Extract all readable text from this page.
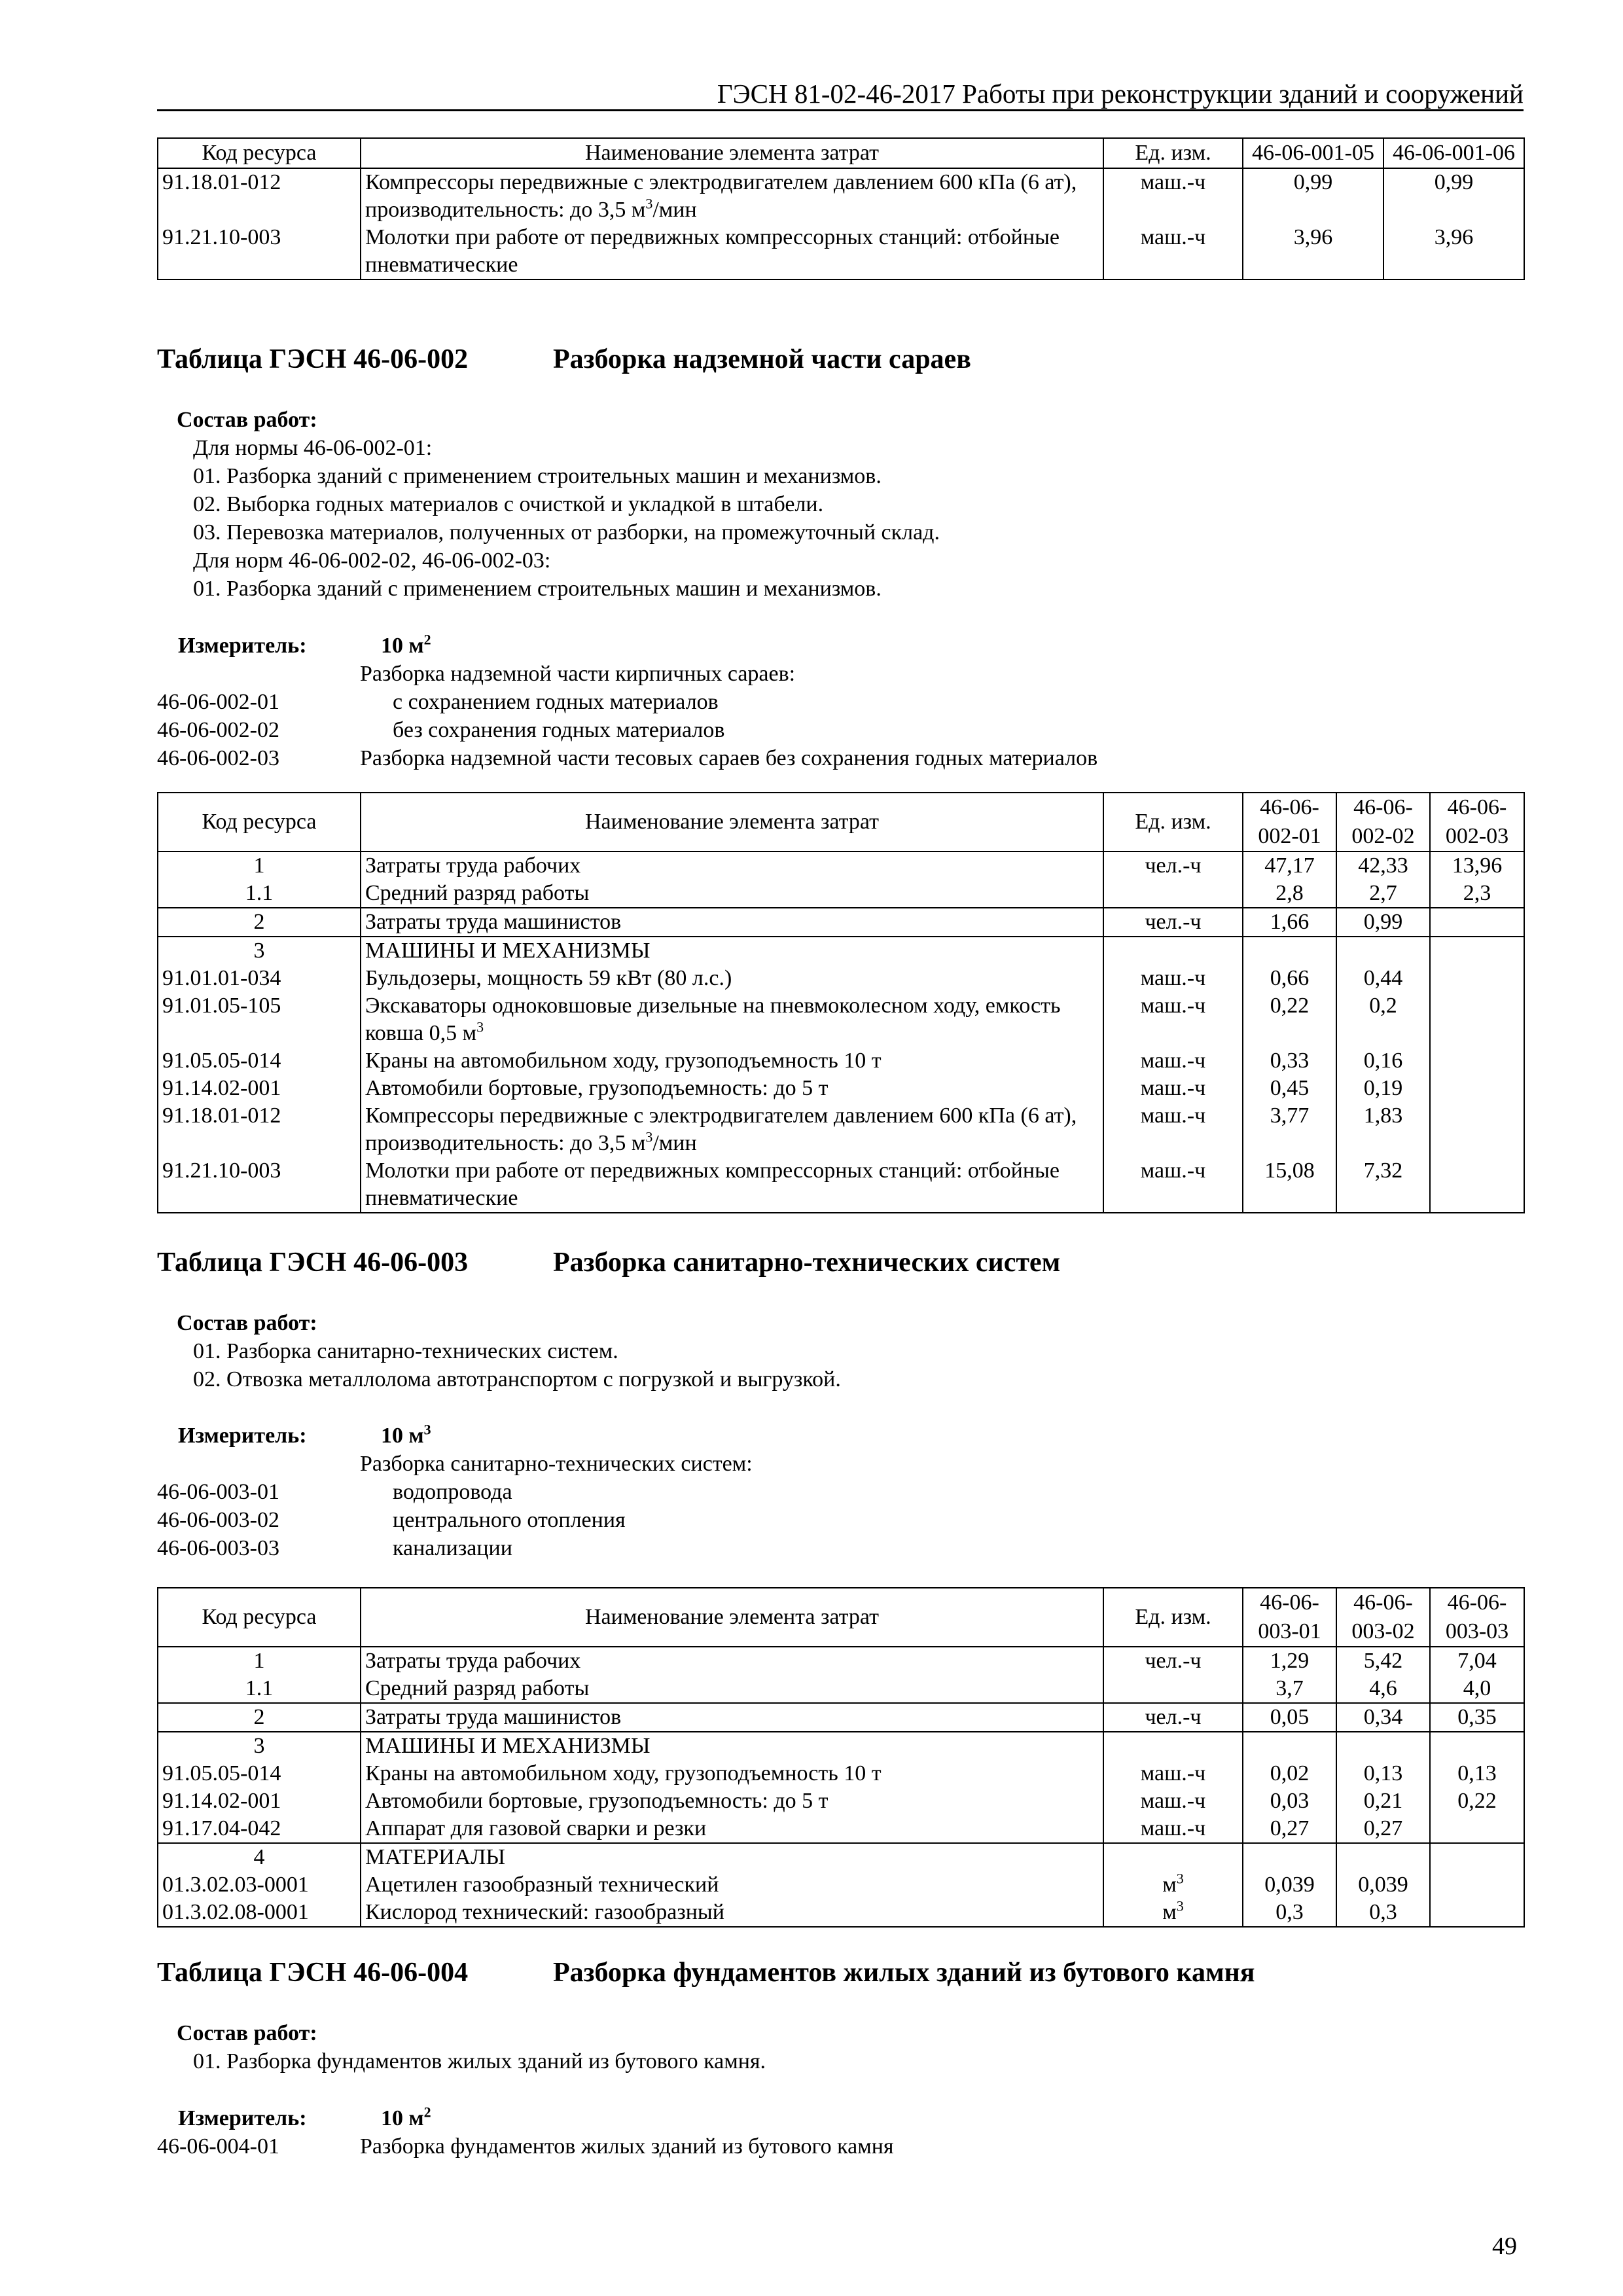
ГЭСН 81-02-46-2017 Работы при реконструкции зданий и сооружений
Код ресурса	Наименование элемента затрат	Ед. изм.	46-06-001-05	46-06-001-06
91.18.01-012	Компрессоры передвижные с электродвигателем давлением 600 кПа (6 ат), производительность: до 3,5 $м^3$/мин	маш.-ч	0,99	0,99
91.21.10-003	Молотки при работе от передвижных компрессорных станций: отбойные пневматические	маш.-ч	3,96	3,96
Таблица ГЭСН 46-06-002	Разборка надземной части сараев
Состав работ:
Для нормы 46-06-002-01:
01. Разборка зданий с применением строительных машин и механизмов.
02. Выборка годных материалов с очисткой и укладкой в штабели.
03. Перевозка материалов, полученных от разборки, на промежуточный склад.
Для норм 46-06-002-02, 46-06-002-03:
01. Разборка зданий с применением строительных машин и механизмов.
Измеритель:	10 $м^2$
Разборка надземной части кирпичных сараев:
46-06-002-01	с сохранением годных материалов
46-06-002-02	без сохранения годных материалов
46-06-002-03	Разборка надземной части тесовых сараев без сохранения годных материалов
Код ресурса	Наименование элемента затрат	Ед. изм.	46-06-002-01	46-06-002-02	46-06-002-03
1	Затраты труда рабочих	чел.-ч	47,17	42,33	13,96
1.1	Средний разряд работы		2,8	2,7	2,3
2	Затраты труда машинистов	чел.-ч	1,66	0,99	
3	МАШИНЫ И МЕХАНИЗМЫ				
91.01.01-034	Бульдозеры, мощность 59 кВт (80 л.с.)	маш.-ч	0,66	0,44	
91.01.05-105	Экскаваторы одноковшовые дизельные на пневмоколесном ходу, емкость ковша 0,5 $м^3$	маш.-ч	0,22	0,2	
91.05.05-014	Краны на автомобильном ходу, грузоподъемность 10 т	маш.-ч	0,33	0,16	
91.14.02-001	Автомобили бортовые, грузоподъемность: до 5 т	маш.-ч	0,45	0,19	
91.18.01-012	Компрессоры передвижные с электродвигателем давлением 600 кПа (6 ат), производительность: до 3,5 $м^3$/мин	маш.-ч	3,77	1,83	
91.21.10-003	Молотки при работе от передвижных компрессорных станций: отбойные пневматические	маш.-ч	15,08	7,32	
Таблица ГЭСН 46-06-003	Разборка санитарно-технических систем
Состав работ:
01. Разборка санитарно-технических систем.
02. Отвозка металлолома автотранспортом с погрузкой и выгрузкой.
Измеритель:	10 $м^3$
Разборка санитарно-технических систем:
46-06-003-01	водопровода
46-06-003-02	центрального отопления
46-06-003-03	канализации
Код ресурса	Наименование элемента затрат	Ед. изм.	46-06-003-01	46-06-003-02	46-06-003-03
1	Затраты труда рабочих	чел.-ч	1,29	5,42	7,04
1.1	Средний разряд работы		3,7	4,6	4,0
2	Затраты труда машинистов	чел.-ч	0,05	0,34	0,35
3	МАШИНЫ И МЕХАНИЗМЫ				
91.05.05-014	Краны на автомобильном ходу, грузоподъемность 10 т	маш.-ч	0,02	0,13	0,13
91.14.02-001	Автомобили бортовые, грузоподъемность: до 5 т	маш.-ч	0,03	0,21	0,22
91.17.04-042	Аппарат для газовой сварки и резки	маш.-ч	0,27	0,27	
4	МАТЕРИАЛЫ				
01.3.02.03-0001	Ацетилен газообразный технический	$м^3$	0,039	0,039	
01.3.02.08-0001	Кислород технический: газообразный	$м^3$	0,3	0,3	
Таблица ГЭСН 46-06-004	Разборка фундаментов жилых зданий из бутового камня
Состав работ:
01. Разборка фундаментов жилых зданий из бутового камня.
Измеритель:	10 $м^2$
46-06-004-01	Разборка фундаментов жилых зданий из бутового камня
49
